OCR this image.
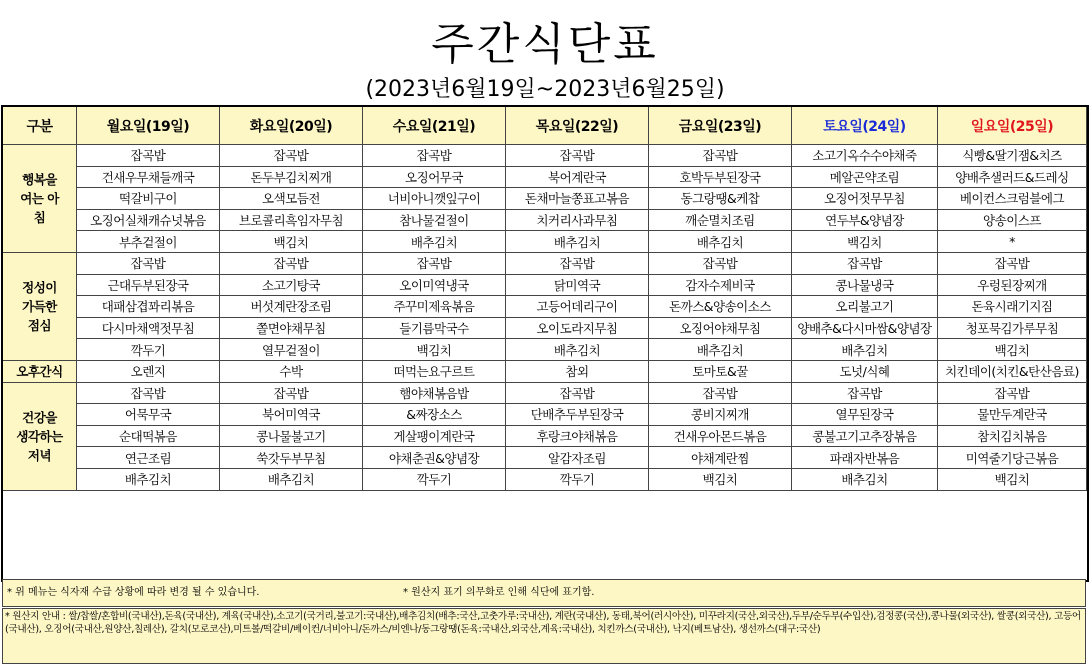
주간식단표
(2023년6월19일~2023년6월25일)
구분	월요일(19일)	화요일(20일)	수요일(21일)	목요일(22일)	금요일(23일)	토요일(24일)	일요일(25일)
행복을 여는 아침	잡곡밥	잡곡밥	잡곡밥	잡곡밥	잡곡밥	소고기옥수수야채죽	식빵&딸기잼&치즈
	건새우무채들깨국	돈두부김치찌개	오징어무국	북어계란국	호박두부된장국	메알곤약조림	양배추샐러드&드레싱
	떡갈비구이	오색모듬전	너비아니깻잎구이	돈채마늘쫑표고볶음	동그랑땡&케찹	오징어젓무무침	베이컨스크럼블에그
	오징어실채캐슈넛볶음	브로콜리흑임자무침	참나물겉절이	치커리사과무침	깨순멸치조림	연두부&양념장	양송이스프
	부추겉절이	백김치	배추김치	배추김치	배추김치	백김치	*
정성이 가득한 점심	잡곡밥	잡곡밥	잡곡밥	잡곡밥	잡곡밥	잡곡밥	잡곡밥
	근대두부된장국	소고기탕국	오이미역냉국	닭미역국	감자수제비국	콩나물냉국	우렁된장찌개
	대패삼겹꽈리볶음	버섯계란장조림	주꾸미제육볶음	고등어데리구이	돈까스&양송이소스	오리불고기	돈육시래기지짐
	다시마채액젓무침	쫄면야채무침	들기름막국수	오이도라지무침	오징어야채무침	양배추&다시마쌈&양념장	청포묵김가루무침
	깍두기	열무겉절이	백김치	배추김치	배추김치	배추김치	백김치
오후간식	오렌지	수박	떠먹는요구르트	참외	토마토&꿀	도넛/식혜	치킨데이(치킨&탄산음료)
건강을 생각하는 저녁	잡곡밥	잡곡밥	햄야채볶음밥	잡곡밥	잡곡밥	잡곡밥	잡곡밥
	어묵무국	북어미역국	&짜장소스	단배추두부된장국	콩비지찌개	열무된장국	물만두계란국
	순대떡볶음	콩나물불고기	게살팽이계란국	후랑크야채볶음	건새우아몬드볶음	콩불고기고추장볶음	참치김치볶음
	연근조림	쑥갓두부무침	야채춘권&양념장	알감자조림	야채계란찜	파래자반볶음	미역줄기당근볶음
	배추김치	배추김치	깍두기	깍두기	백김치	배추김치	백김치
* 위 메뉴는 식자재 수급 상황에 따라 변경 될 수 있습니다.	* 원산지 표기 의무화로 인해 식단에 표기함.
* 원산지 안내 : 쌀/찹쌀/혼합비(국내산),돈육(국내산), 계육(국내산),소고기(국거리,불고기:국내산),배추김치(배추:국산,고춧가루:국내산), 계란(국내산), 동태,북어(러시아산), 미꾸라지(국산,외국산),두부/순두부(수입산),검정콩(국산),콩나물(외국산), 쌀콩(외국산), 고등어(국내산), 오징어(국내산,원양산,칠레산), 갈치(모로코산),미트볼/떡갈비/베이컨/너비아니/돈까스/비엔나/동그랑땡(돈육:국내산,외국산,계육:국내산), 치킨까스(국내산), 낙지(베트남산), 생선까스(대구:국산)
